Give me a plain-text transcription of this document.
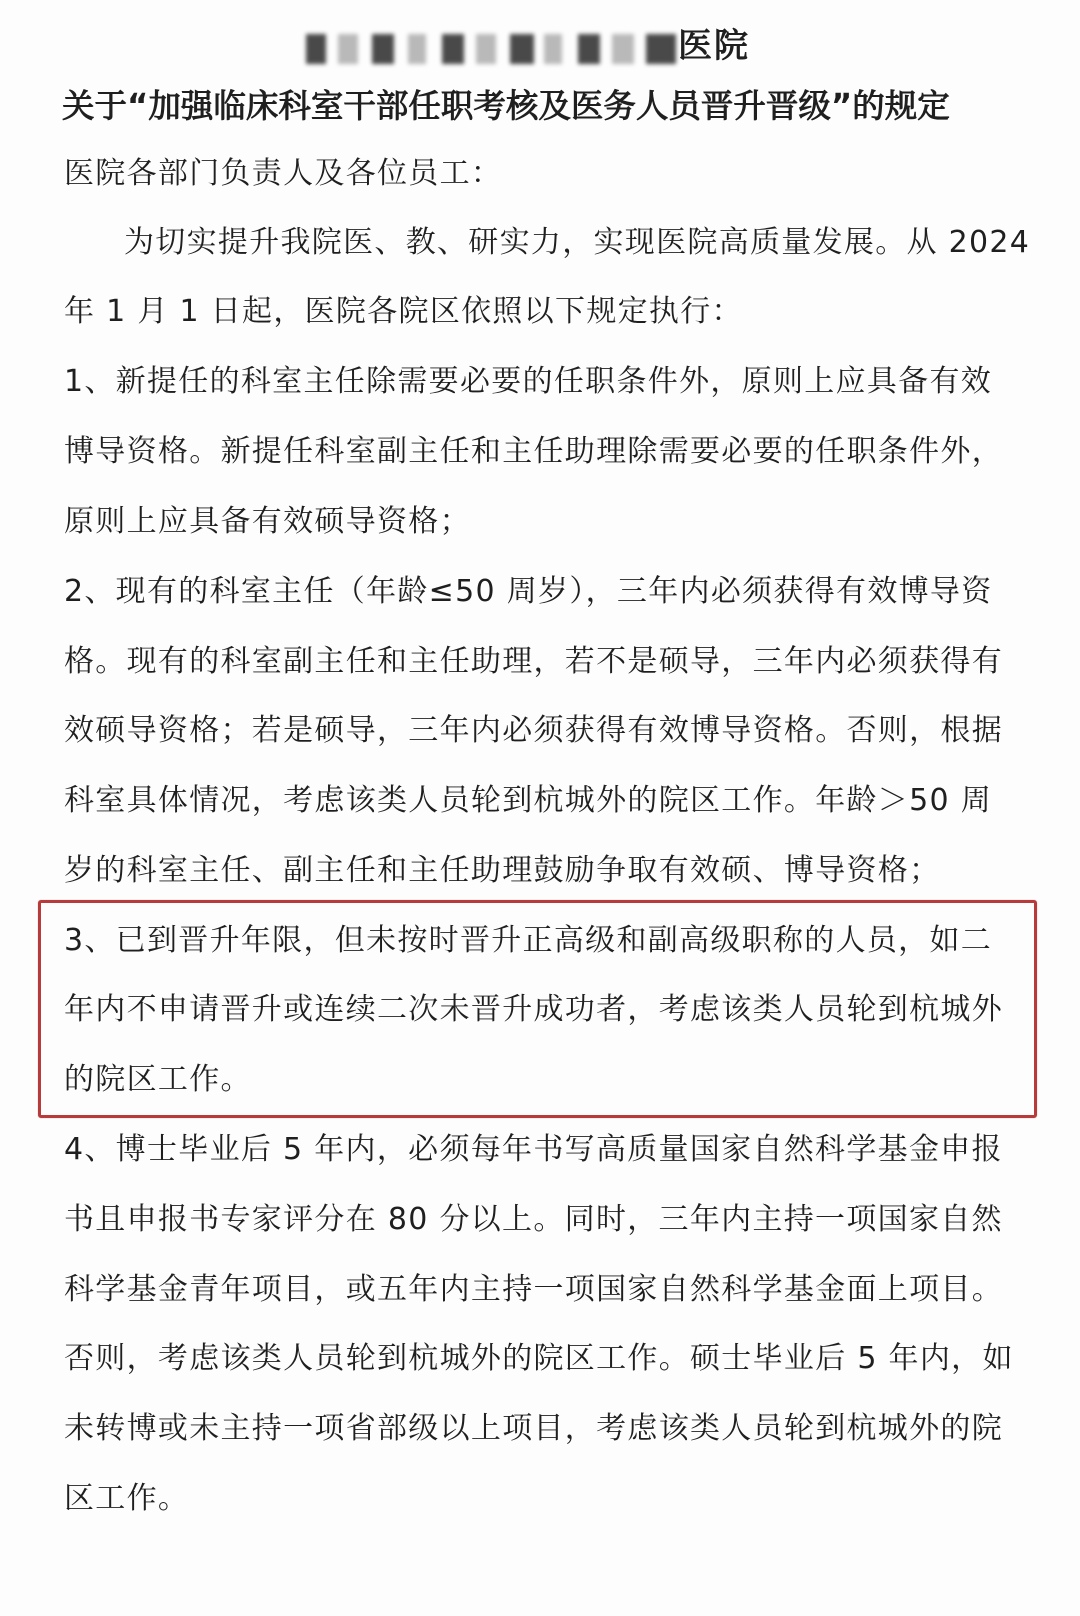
医院
关于“加强临床科室干部任职考核及医务人员晋升晋级”的规定
医院各部门负责人及各位员工：
为切实提升我院医、教、研实力，实现医院高质量发展。从 2024
年 1 月 1 日起，医院各院区依照以下规定执行：
1、新提任的科室主任除需要必要的任职条件外，原则上应具备有效
博导资格。新提任科室副主任和主任助理除需要必要的任职条件外，
原则上应具备有效硕导资格；
2、现有的科室主任（年龄≤50 周岁），三年内必须获得有效博导资
格。现有的科室副主任和主任助理，若不是硕导，三年内必须获得有
效硕导资格；若是硕导，三年内必须获得有效博导资格。否则，根据
科室具体情况，考虑该类人员轮到杭城外的院区工作。年龄＞50 周
岁的科室主任、副主任和主任助理鼓励争取有效硕、博导资格；
3、已到晋升年限，但未按时晋升正高级和副高级职称的人员，如二
年内不申请晋升或连续二次未晋升成功者，考虑该类人员轮到杭城外
的院区工作。
4、博士毕业后 5 年内，必须每年书写高质量国家自然科学基金申报
书且申报书专家评分在 80 分以上。同时，三年内主持一项国家自然
科学基金青年项目，或五年内主持一项国家自然科学基金面上项目。
否则，考虑该类人员轮到杭城外的院区工作。硕士毕业后 5 年内，如
未转博或未主持一项省部级以上项目，考虑该类人员轮到杭城外的院
区工作。
